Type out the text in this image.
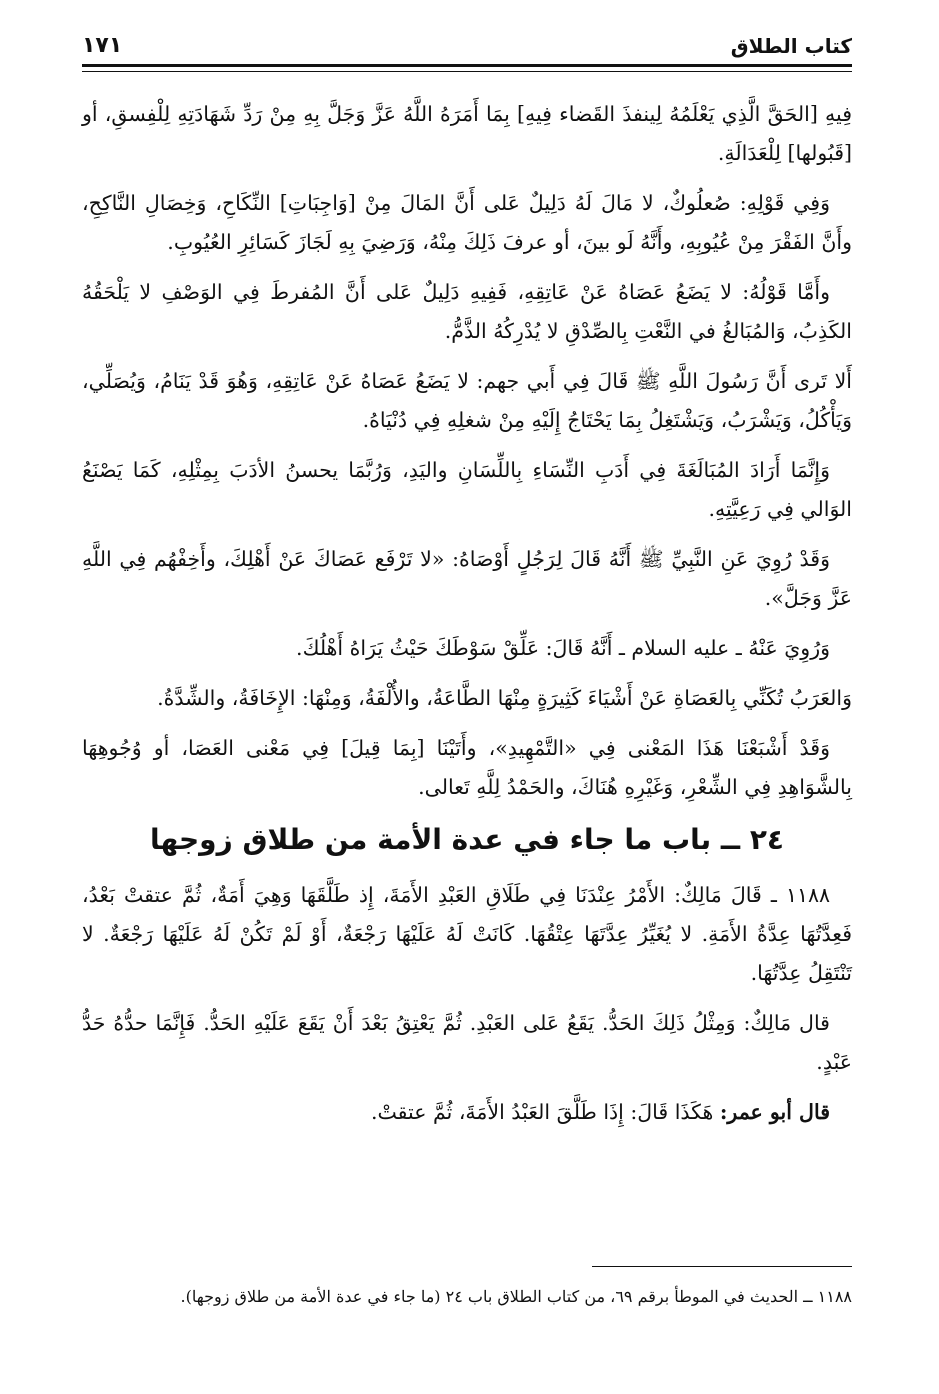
كتاب الطلاق
١٧١

فِيهِ [الحَقَّ الَّذِي يَعْلَمُهُ لِينفذَ القَضاء فِيهِ] بِمَا أَمَرَهُ اللَّهُ عَزَّ وَجَلَّ بِهِ مِنْ رَدِّ شَهَادَتِهِ لِلْفِسقِ، أو [قَبُولها] لِلْعَدَالَةِ.

وَفِي قَوْلِهِ: صُعلُوكٌ، لا مَالَ لَهُ دَلِيلٌ عَلى أَنَّ المَالَ مِنْ [وَاجِبَاتِ] النِّكَاحِ، وَخِصَالِ النَّاكِحِ، وأَنَّ الفَقْرَ مِنْ عُيُوبِهِ، وأَنَّهُ لَو بينَ، أو عرفَ ذَلِكَ مِنْهُ، وَرَضِيَ بِهِ لَجَازَ كَسَائِرِ العُيُوبِ.

وأَمَّا قَوْلُهُ: لا يَضَعُ عَصَاهُ عَنْ عَاتِقِهِ، فَفِيهِ دَلِيلٌ عَلى أَنَّ المُفرطَ فِي الوَصْفِ لا يَلْحَقُهُ الكَذِبُ، وَالمُبَالغُ في النَّعْتِ بِالصِّدْقِ لا يُدْرِكُهُ الذَّمُّ.

أَلا تَرى أَنَّ رَسُولَ اللَّهِ ﷺ قَالَ فِي أَبي جهم: لا يَضَعُ عَصَاهُ عَنْ عَاتِقِهِ، وَهُوَ قَدْ يَنَامُ، وَيُصَلِّي، وَيَأْكُلُ، وَيَشْرَبُ، وَيَشْتَغِلُ بِمَا يَحْتَاجُ إِلَيْهِ مِنْ شغلِهِ فِي دُنْيَاهُ.

وَإِنَّمَا أَرَادَ المُبَالَغَةَ فِي أَدَبِ النِّسَاءِ بِاللِّسَانِ واليَدِ، وَرُبَّمَا يحسنُ الأدَبَ بِمِثْلِهِ، كَمَا يَصْنَعُ الوَالي فِي رَعِيَّتِهِ.

وَقَدْ رُوِيَ عَنِ النَّبِيِّ ﷺ أَنَّهُ قَالَ لِرَجُلٍ أَوْصَاهُ: «لا تَرْفَع عَصَاكَ عَنْ أَهْلِكَ، وأَخِفْهُم فِي اللَّهِ عَزَّ وَجَلَّ».

وَرُوِيَ عَنْهُ ـ عليه السلام ـ أَنَّهُ قَالَ: عَلِّقْ سَوْطَكَ حَيْثُ يَرَاهُ أَهْلُكَ.

وَالعَرَبُ تُكَنِّي بِالعَصَاةِ عَنْ أَشْيَاءَ كَثِيرَةٍ مِنْهَا الطَّاعَةُ، والأُلْفَةُ، وَمِنْهَا: الإِخَافَةُ، والشِّدَّةُ.

وَقَدْ أَشْبَعْنَا هَذَا المَعْنى فِي «التَّمْهِيدِ»، وأَتَيْنَا [بِمَا قِيلَ] فِي مَعْنى العَصَا، أو وُجُوهِهَا بِالشَّوَاهِدِ فِي الشِّعْرِ، وَغَيْرِهِ هُنَاكَ، والحَمْدُ لِلَّهِ تَعالى.

٢٤ ــ باب ما جاء في عدة الأمة من طلاق زوجها

١١٨٨ ـ قَالَ مَالِكٌ: الأَمْرُ عِنْدَنَا فِي طَلَاقِ العَبْدِ الأَمَةَ، إِذ طَلَّقَهَا وَهِيَ أَمَةٌ، ثُمَّ عتقتْ بَعْدُ، فَعِدَّتُهَا عِدَّةُ الأَمَةِ. لا يُغَيِّرُ عِدَّتَهَا عِتْقُهَا. كَانَتْ لَهُ عَلَيْهَا رَجْعَةٌ، أَوْ لَمْ تَكُنْ لَهُ عَلَيْهَا رَجْعَةٌ. لا تَنْتَقِلُ عِدَّتُهَا.

قال مَالِكٌ: وَمِثْلُ ذَلِكَ الحَدُّ. يَقَعُ عَلى العَبْدِ. ثُمَّ يَعْتِقُ بَعْدَ أَنْ يَقَعَ عَلَيْهِ الحَدُّ. فَإِنَّمَا حدُّهُ حَدُّ عَبْدٍ.

قال أبو عمر: هَكَذَا قَالَ: إِذَا طَلَّقَ العَبْدُ الأَمَةَ، ثُمَّ عتقتْ.

١١٨٨ ــ الحديث في الموطأ برقم ٦٩، من كتاب الطلاق باب ٢٤ (ما جاء في عدة الأمة من طلاق زوجها).
